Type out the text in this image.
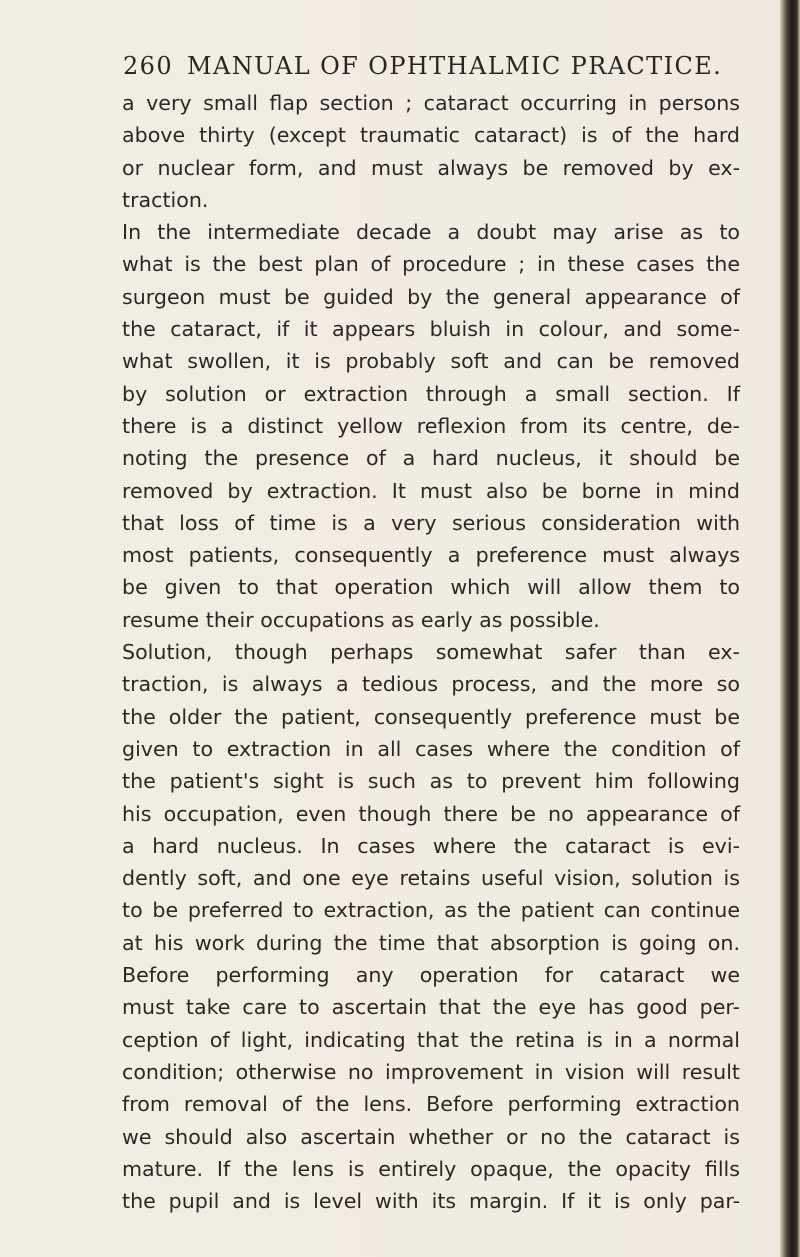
260 MANUAL OF OPHTHALMIC PRACTICE.
a very small flap section ; cataract occurring in persons
above thirty (except traumatic cataract) is of the hard
or nuclear form, and must always be removed by ex-
traction.
In the intermediate decade a doubt may arise as to
what is the best plan of procedure ; in these cases the
surgeon must be guided by the general appearance of
the cataract, if it appears bluish in colour, and some-
what swollen, it is probably soft and can be removed
by solution or extraction through a small section. If
there is a distinct yellow reflexion from its centre, de-
noting the presence of a hard nucleus, it should be
removed by extraction. It must also be borne in mind
that loss of time is a very serious consideration with
most patients, consequently a preference must always
be given to that operation which will allow them to
resume their occupations as early as possible.
Solution, though perhaps somewhat safer than ex-
traction, is always a tedious process, and the more so
the older the patient, consequently preference must be
given to extraction in all cases where the condition of
the patient's sight is such as to prevent him following
his occupation, even though there be no appearance of
a hard nucleus. In cases where the cataract is evi-
dently soft, and one eye retains useful vision, solution is
to be preferred to extraction, as the patient can continue
at his work during the time that absorption is going on.
Before performing any operation for cataract we
must take care to ascertain that the eye has good per-
ception of light, indicating that the retina is in a normal
condition; otherwise no improvement in vision will result
from removal of the lens. Before performing extraction
we should also ascertain whether or no the cataract is
mature. If the lens is entirely opaque, the opacity fills
the pupil and is level with its margin. If it is only par-
